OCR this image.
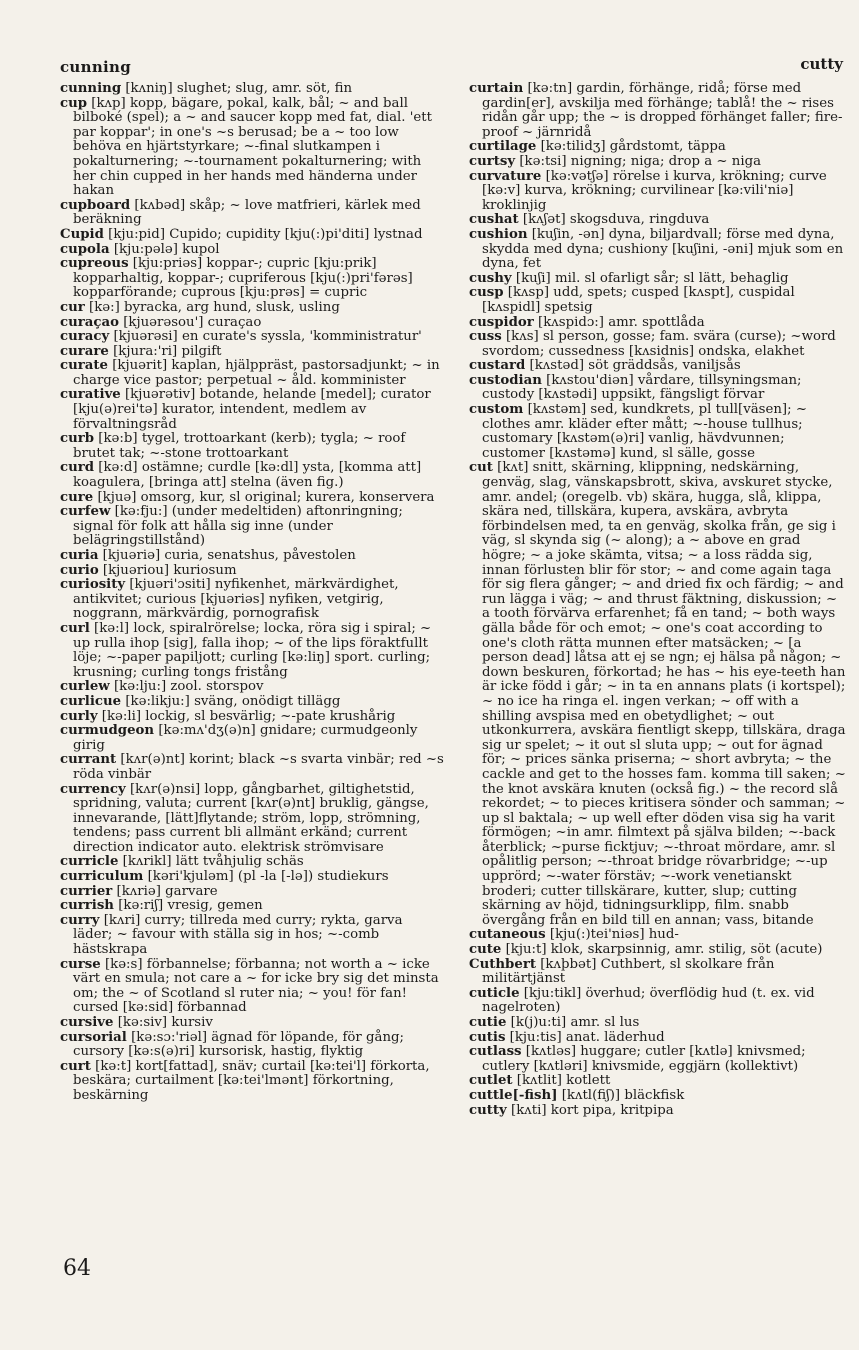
cunning	cutty

cunning [kʌniŋ] slughet; slug, amr. söt, fin

cup [kʌp] kopp, bägare, pokal, kalk, bål; ~ and ball bilboké (spel); a ~ and saucer kopp med fat, dial. 'ett par koppar'; in one's ~s berusad; be a ~ too low behöva en hjärtstyrkare; ~-final slutkampen i pokalturnering; ~-tournament pokalturnering; with her chin cupped in her hands med händerna under hakan

cupboard [kʌbəd] skåp; ~ love matfrieri, kärlek med beräkning

Cupid [kju:pid] Cupido; cupidity [kju(:)pi'diti] lystnad

cupola [kju:pələ] kupol

cupreous [kju:priəs] koppar-; cupric [kju:prik] kopparhaltig, koppar-; cupriferous [kju(:)pri'fərəs] kopparförande; cuprous [kju:prəs] = cupric

cur [kə:] byracka, arg hund, slusk, usling

curaçao [kjuərəsou'] curaçao

curacy [kjuərəsi] en curate's syssla, 'komministratur'

curare [kjura:'ri] pilgift

curate [kjuərit] kaplan, hjälppräst, pastorsadjunkt; ~ in charge vice pastor; perpetual ~ åld. komminister

curative [kjuərətiv] botande, helande [medel]; curator [kju(ə)rei'tə] kurator, intendent, medlem av förvaltningsråd

curb [kə:b] tygel, trottoarkant (kerb); tygla; ~ roof brutet tak; ~-stone trottoarkant

curd [kə:d] ostämne; curdle [kə:dl] ysta, [komma att] koagulera, [bringa att] stelna (även fig.)

cure [kjuə] omsorg, kur, sl original; kurera, konservera

curfew [kə:fju:] (under medeltiden) aftonringning; signal för folk att hålla sig inne (under belägringstillstånd)

curia [kjuəriə] curia, senatshus, påvestolen

curio [kjuəriou] kuriosum

curiosity [kjuəri'ɔsiti] nyfikenhet, märkvärdighet, antikvitet; curious [kjuəriəs] nyfiken, vetgirig, noggrann, märkvärdig, pornografisk

curl [kə:l] lock, spiralrörelse; locka, röra sig i spiral; ~ up rulla ihop [sig], falla ihop; ~ of the lips föraktfullt löje; ~-paper papiljott; curling [kə:liŋ] sport. curling; krusning; curling tongs fristång

curlew [kə:lju:] zool. storspov

curlicue [kə:likju:] sväng, onödigt tillägg

curly [kə:li] lockig, sl besvärlig; ~-pate krushårig

curmudgeon [kə:mʌ'dʒ(ə)n] gnidare; curmudgeonly girig

currant [kʌr(ə)nt] korint; black ~s svarta vinbär; red ~s röda vinbär

currency [kʌr(ə)nsi] lopp, gångbarhet, giltighetstid, spridning, valuta; current [kʌr(ə)nt] bruklig, gängse, innevarande, [lätt]flytande; ström, lopp, strömning, tendens; pass current bli allmänt erkänd; current direction indicator auto. elektrisk strömvisare

curricle [kʌrikl] lätt tvåhjulig schäs

curriculum [kəri'kjuləm] (pl -la [-lə]) studiekurs

currier [kʌriə] garvare

currish [kə:riʃ] vresig, gemen

curry [kʌri] curry; tillreda med curry; rykta, garva läder; ~ favour with ställa sig in hos; ~-comb hästskrapa

curse [kə:s] förbannelse; förbanna; not worth a ~ icke värt en smula; not care a ~ for icke bry sig det minsta om; the ~ of Scotland sl ruter nia; ~ you! för fan! cursed [kə:sid] förbannad

cursive [kə:siv] kursiv

cursorial [kə:sɔ:'riəl] ägnad för löpande, för gång; cursory [kə:s(ə)ri] kursorisk, hastig, flyktig

curt [kə:t] kort[fattad], snäv; curtail [kə:tei'l] förkorta, beskära; curtailment [kə:tei'lmənt] förkortning, beskärning

curtain [kə:tn] gardin, förhänge, ridå; förse med gardin[er], avskilja med förhänge; tablå! the ~ rises ridån går upp; the ~ is dropped förhänget faller; fire-proof ~ järnridå

curtilage [kə:tilidʒ] gårdstomt, täppa

curtsy [kə:tsi] nigning; niga; drop a ~ niga

curvature [kə:vətʃə] rörelse i kurva, krökning; curve [kə:v] kurva, krökning; curvilinear [kə:vili'niə] kroklinjig

cushat [kʌʃət] skogsduva, ringduva

cushion [kuʃin, -ən] dyna, biljardvall; förse med dyna, skydda med dyna; cushiony [kuʃini, -əni] mjuk som en dyna, fet

cushy [kuʃi] mil. sl ofarligt sår; sl lätt, behaglig

cusp [kʌsp] udd, spets; cusped [kʌspt], cuspidal [kʌspidl] spetsig

cuspidor [kʌspidɔ:] amr. spottlåda

cuss [kʌs] sl person, gosse; fam. svära (curse); ~word svordom; cussedness [kʌsidnis] ondska, elakhet

custard [kʌstəd] söt gräddsås, vaniljsås

custodian [kʌstou'diən] vårdare, tillsyningsman; custody [kʌstədi] uppsikt, fängsligt förvar

custom [kʌstəm] sed, kundkrets, pl tull[väsen]; ~ clothes amr. kläder efter mått; ~-house tullhus; customary [kʌstəm(ə)ri] vanlig, hävdvunnen; customer [kʌstəmə] kund, sl sälle, gosse

cut [kʌt] snitt, skärning, klippning, nedskärning, genväg, slag, vänskapsbrott, skiva, avskuret stycke, amr. andel; (oregelb. vb) skära, hugga, slå, klippa, skära ned, tillskära, kupera, avskära, avbryta förbindelsen med, ta en genväg, skolka från, ge sig i väg, sl skynda sig (~ along); a ~ above en grad högre; ~ a joke skämta, vitsa; ~ a loss rädda sig, innan förlusten blir för stor; ~ and come again taga för sig flera gånger; ~ and dried fix och färdig; ~ and run lägga i väg; ~ and thrust fäktning, diskussion; ~ a tooth förvärva erfarenhet; få en tand; ~ both ways gälla både för och emot; ~ one's coat according to one's cloth rätta munnen efter matsäcken; ~ [a person dead] låtsa att ej se ngn; ej hälsa på någon; ~ down beskuren, förkortad; he has ~ his eye-teeth han är icke född i går; ~ in ta en annans plats (i kortspel); ~ no ice ha ringa el. ingen verkan; ~ off with a shilling avspisa med en obetydlighet; ~ out utkonkurrera, avskära fientligt skepp, tillskära, draga sig ur spelet; ~ it out sl sluta upp; ~ out for ägnad för; ~ prices sänka priserna; ~ short avbryta; ~ the cackle and get to the hosses fam. komma till saken; ~ the knot avskära knuten (också fig.) ~ the record slå rekordet; ~ to pieces kritisera sönder och samman; ~ up sl baktala; ~ up well efter döden visa sig ha varit förmögen; ~in amr. filmtext på själva bilden; ~-back återblick; ~purse ficktjuv; ~-throat mördare, amr. sl opålitlig person; ~-throat bridge rövarbridge; ~-up upprörd; ~-water förstäv; ~-work venetianskt broderi; cutter tillskärare, kutter, slup; cutting skärning av höjd, tidningsurklipp, film. snabb övergång från en bild till en annan; vass, bitande

cutaneous [kju(:)tei'niəs] hud-

cute [kju:t] klok, skarpsinnig, amr. stilig, söt (acute)

Cuthbert [kʌþbət] Cuthbert, sl skolkare från militärtjänst

cuticle [kju:tikl] överhud; överflödig hud (t. ex. vid nagelroten)

cutie [k(j)u:ti] amr. sl lus

cutis [kju:tis] anat. läderhud

cutlass [kʌtləs] huggare; cutler [kʌtlə] knivsmed; cutlery [kʌtləri] knivsmide, eggjärn (kollektivt)

cutlet [kʌtlit] kotlett

cuttle[-fish] [kʌtl(fiʃ)] bläckfisk

cutty [kʌti] kort pipa, kritpipa

64
